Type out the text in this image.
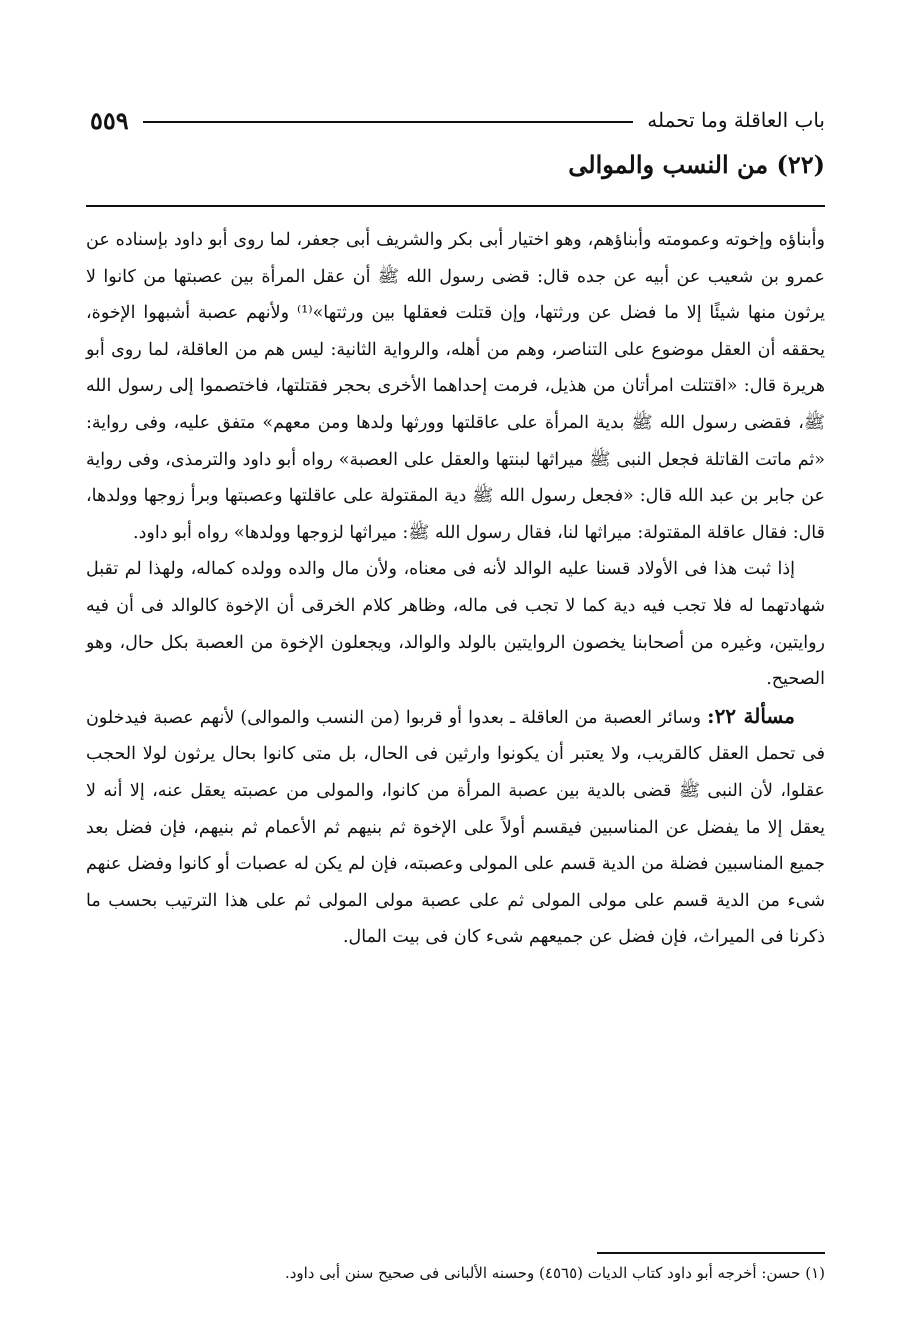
باب العاقلة وما تحمله
٥٥٩
(٢٢) من النسب والموالى

وأبناؤه وإخوته وعمومته وأبناؤهم، وهو اختيار أبى بكر والشريف أبى جعفر، لما روى أبو داود بإسناده عن عمرو بن شعيب عن أبيه عن جده قال: قضى رسول الله ﷺ أن عقل المرأة بين عصبتها من كانوا لا يرثون منها شيئًا إلا ما فضل عن ورثتها، وإن قتلت فعقلها بين ورثتها»⁽¹⁾ ولأنهم عصبة أشبهوا الإخوة، يحققه أن العقل موضوع على التناصر، وهم من أهله، والرواية الثانية: ليس هم من العاقلة، لما روى أبو هريرة قال: «اقتتلت امرأتان من هذيل، فرمت إحداهما الأخرى بحجر فقتلتها، فاختصموا إلى رسول الله ﷺ، فقضى رسول الله ﷺ بدية المرأة على عاقلتها وورثها ولدها ومن معهم» متفق عليه، وفى رواية: «ثم ماتت القاتلة فجعل النبى ﷺ ميراثها لبنتها والعقل على العصبة» رواه أبو داود والترمذى، وفى رواية عن جابر بن عبد الله قال: «فجعل رسول الله ﷺ دية المقتولة على عاقلتها وعصبتها وبرأ زوجها وولدها، قال: فقال عاقلة المقتولة: ميراثها لنا، فقال رسول الله ﷺ: ميراثها لزوجها وولدها» رواه أبو داود.

إذا ثبت هذا فى الأولاد قسنا عليه الوالد لأنه فى معناه، ولأن مال والده وولده كماله، ولهذا لم تقبل شهادتهما له فلا تجب فيه دية كما لا تجب فى ماله، وظاهر كلام الخرقى أن الإخوة كالوالد فى أن فيه روايتين، وغيره من أصحابنا يخصون الروايتين بالولد والوالد، ويجعلون الإخوة من العصبة بكل حال، وهو الصحيح.

مسألة ٢٢: وسائر العصبة من العاقلة ـ بعدوا أو قربوا (من النسب والموالى) لأنهم عصبة فيدخلون فى تحمل العقل كالقريب، ولا يعتبر أن يكونوا وارثين فى الحال، بل متى كانوا بحال يرثون لولا الحجب عقلوا، لأن النبى ﷺ قضى بالدية بين عصبة المرأة من كانوا، والمولى من عصبته يعقل عنه، إلا أنه لا يعقل إلا ما يفضل عن المناسبين فيقسم أولاً على الإخوة ثم بنيهم ثم الأعمام ثم بنيهم، فإن فضل بعد جميع المناسبين فضلة من الدية قسم على المولى وعصبته، فإن لم يكن له عصبات أو كانوا وفضل عنهم شىء من الدية قسم على مولى المولى ثم على عصبة مولى المولى ثم على هذا الترتيب بحسب ما ذكرنا فى الميراث، فإن فضل عن جميعهم شىء كان فى بيت المال.

(١) حسن: أخرجه أبو داود كتاب الديات (٤٥٦٥) وحسنه الألبانى فى صحيح سنن أبى داود.
